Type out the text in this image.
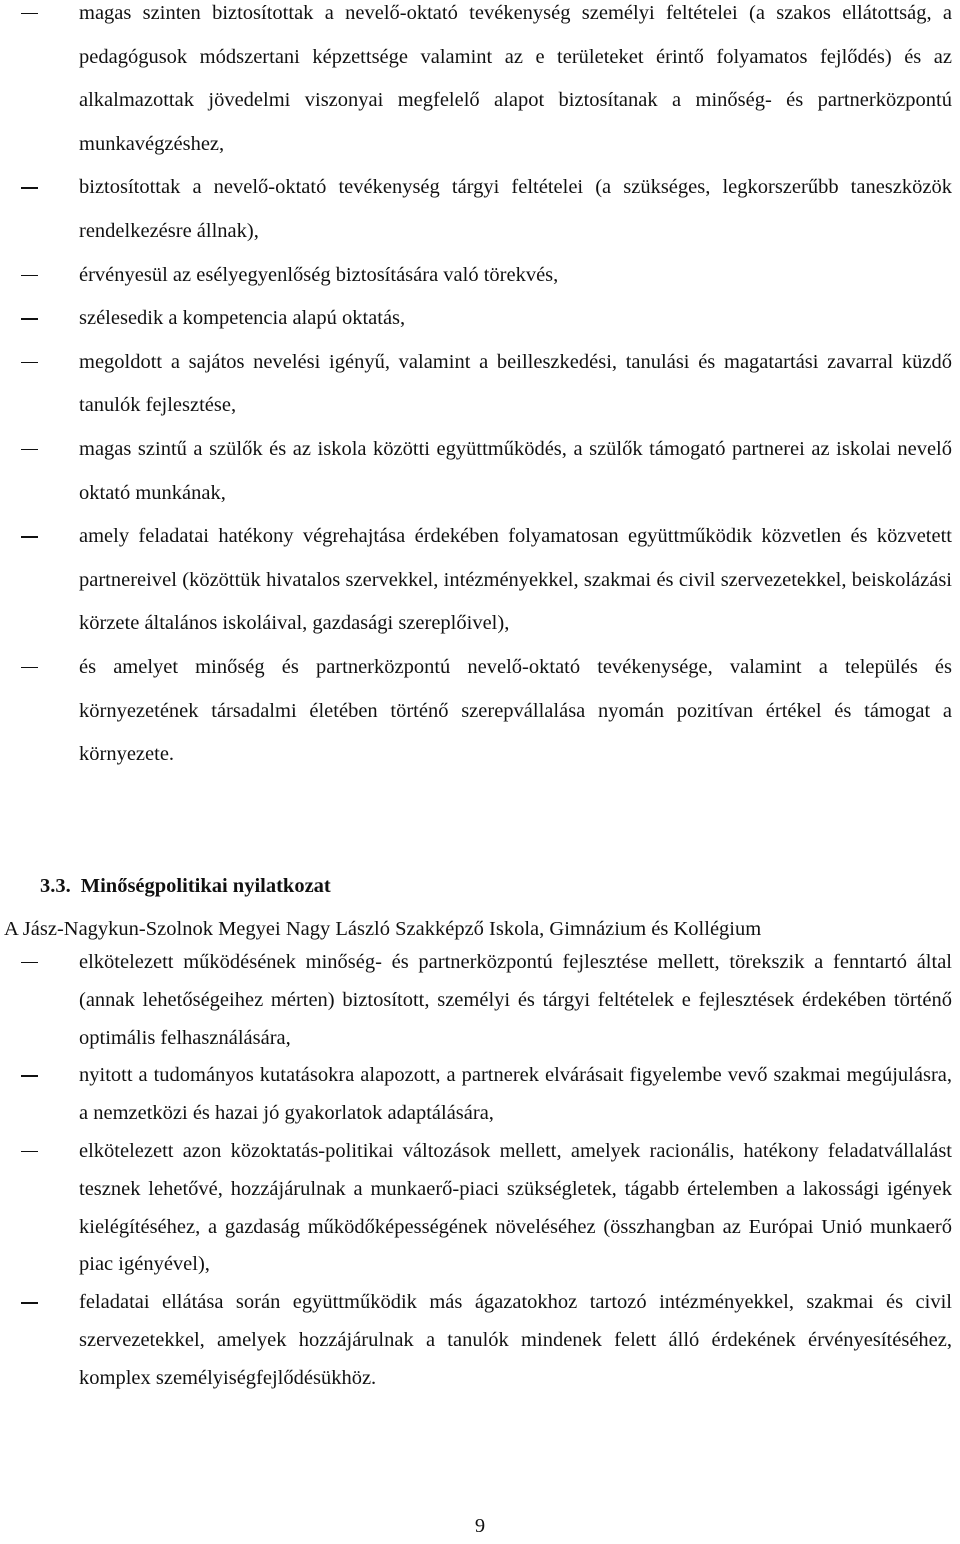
magas szinten biztosítottak a nevelő-oktató tevékenység személyi feltételei (a szakos ellátottság, a pedagógusok módszertani képzettsége valamint az e területeket érintő folyamatos fejlődés) és az alkalmazottak jövedelmi viszonyai megfelelő alapot biztosítanak a minőség- és partnerközpontú munkavégzéshez,
biztosítottak a nevelő-oktató tevékenység tárgyi feltételei (a szükséges, legkorszerűbb taneszközök rendelkezésre állnak),
érvényesül az esélyegyenlőség biztosítására való törekvés,
szélesedik a kompetencia alapú oktatás,
megoldott a sajátos nevelési igényű, valamint a beilleszkedési, tanulási és magatartási zavarral küzdő tanulók fejlesztése,
magas szintű a szülők és az iskola közötti együttműködés, a szülők támogató partnerei az iskolai nevelő oktató munkának,
amely feladatai hatékony végrehajtása érdekében folyamatosan együttműködik közvetlen és közvetett partnereivel (közöttük hivatalos szervekkel, intézményekkel, szakmai és civil szervezetekkel, beiskolázási körzete általános iskoláival, gazdasági szereplőivel),
és amelyet minőség és partnerközpontú nevelő-oktató tevékenysége, valamint a település és környezetének társadalmi életében történő szerepvállalása nyomán pozitívan értékel és támogat a környezete.
3.3. Minőségpolitikai nyilatkozat

A Jász-Nagykun-Szolnok Megyei Nagy László Szakképző Iskola, Gimnázium és Kollégium

elkötelezett működésének minőség- és partnerközpontú fejlesztése mellett, törekszik a fenntartó által (annak lehetőségeihez mérten) biztosított, személyi és tárgyi feltételek e fejlesztések érdekében történő optimális felhasználására,
nyitott a tudományos kutatásokra alapozott, a partnerek elvárásait figyelembe vevő szakmai megújulásra, a nemzetközi és hazai jó gyakorlatok adaptálására,
elkötelezett azon közoktatás-politikai változások mellett, amelyek racionális, hatékony feladatvállalást tesznek lehetővé, hozzájárulnak a munkaerő-piaci szükségletek, tágabb értelemben a lakossági igények kielégítéséhez, a gazdaság működőképességének növeléséhez (összhangban az Európai Unió munkaerő piac igényével),
feladatai ellátása során együttműködik más ágazatokhoz tartozó intézményekkel, szakmai és civil szervezetekkel, amelyek hozzájárulnak a tanulók mindenek felett álló érdekének érvényesítéséhez, komplex személyiségfejlődésükhöz.
9
